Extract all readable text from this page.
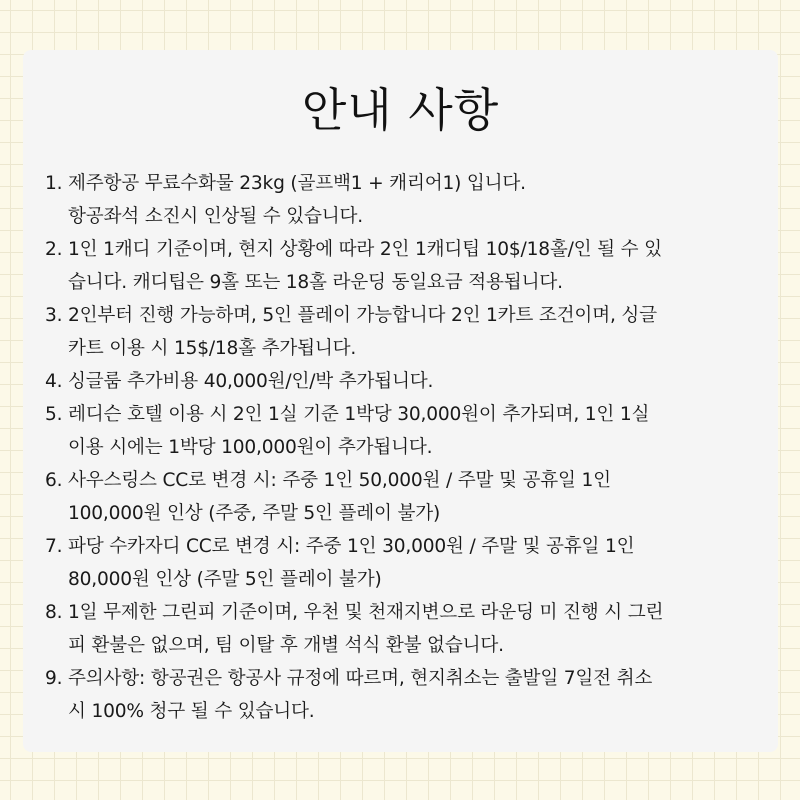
안내 사항
1. 제주항공 무료수화물 23kg (골프백1 + 캐리어1) 입니다.
항공좌석 소진시 인상될 수 있습니다.
2. 1인 1캐디 기준이며, 현지 상황에 따라 2인 1캐디팁 10$/18홀/인 될 수 있
습니다. 캐디팁은 9홀 또는 18홀 라운딩 동일요금 적용됩니다.
3. 2인부터 진행 가능하며, 5인 플레이 가능합니다 2인 1카트 조건이며, 싱글
카트 이용 시 15$/18홀 추가됩니다.
4. 싱글룸 추가비용 40,000원/인/박 추가됩니다.
5. 레디슨 호텔 이용 시 2인 1실 기준 1박당 30,000원이 추가되며, 1인 1실
이용 시에는 1박당 100,000원이 추가됩니다.
6. 사우스링스 CC로 변경 시: 주중 1인 50,000원 / 주말 및 공휴일 1인
100,000원 인상 (주중, 주말 5인 플레이 불가)
7. 파당 수카자디 CC로 변경 시: 주중 1인 30,000원 / 주말 및 공휴일 1인
80,000원 인상 (주말 5인 플레이 불가)
8. 1일 무제한 그린피 기준이며, 우천 및 천재지변으로 라운딩 미 진행 시 그린
피 환불은 없으며, 팀 이탈 후 개별 석식 환불 없습니다.
9. 주의사항: 항공권은 항공사 규정에 따르며, 현지취소는 출발일 7일전 취소
시 100% 청구 될 수 있습니다.
